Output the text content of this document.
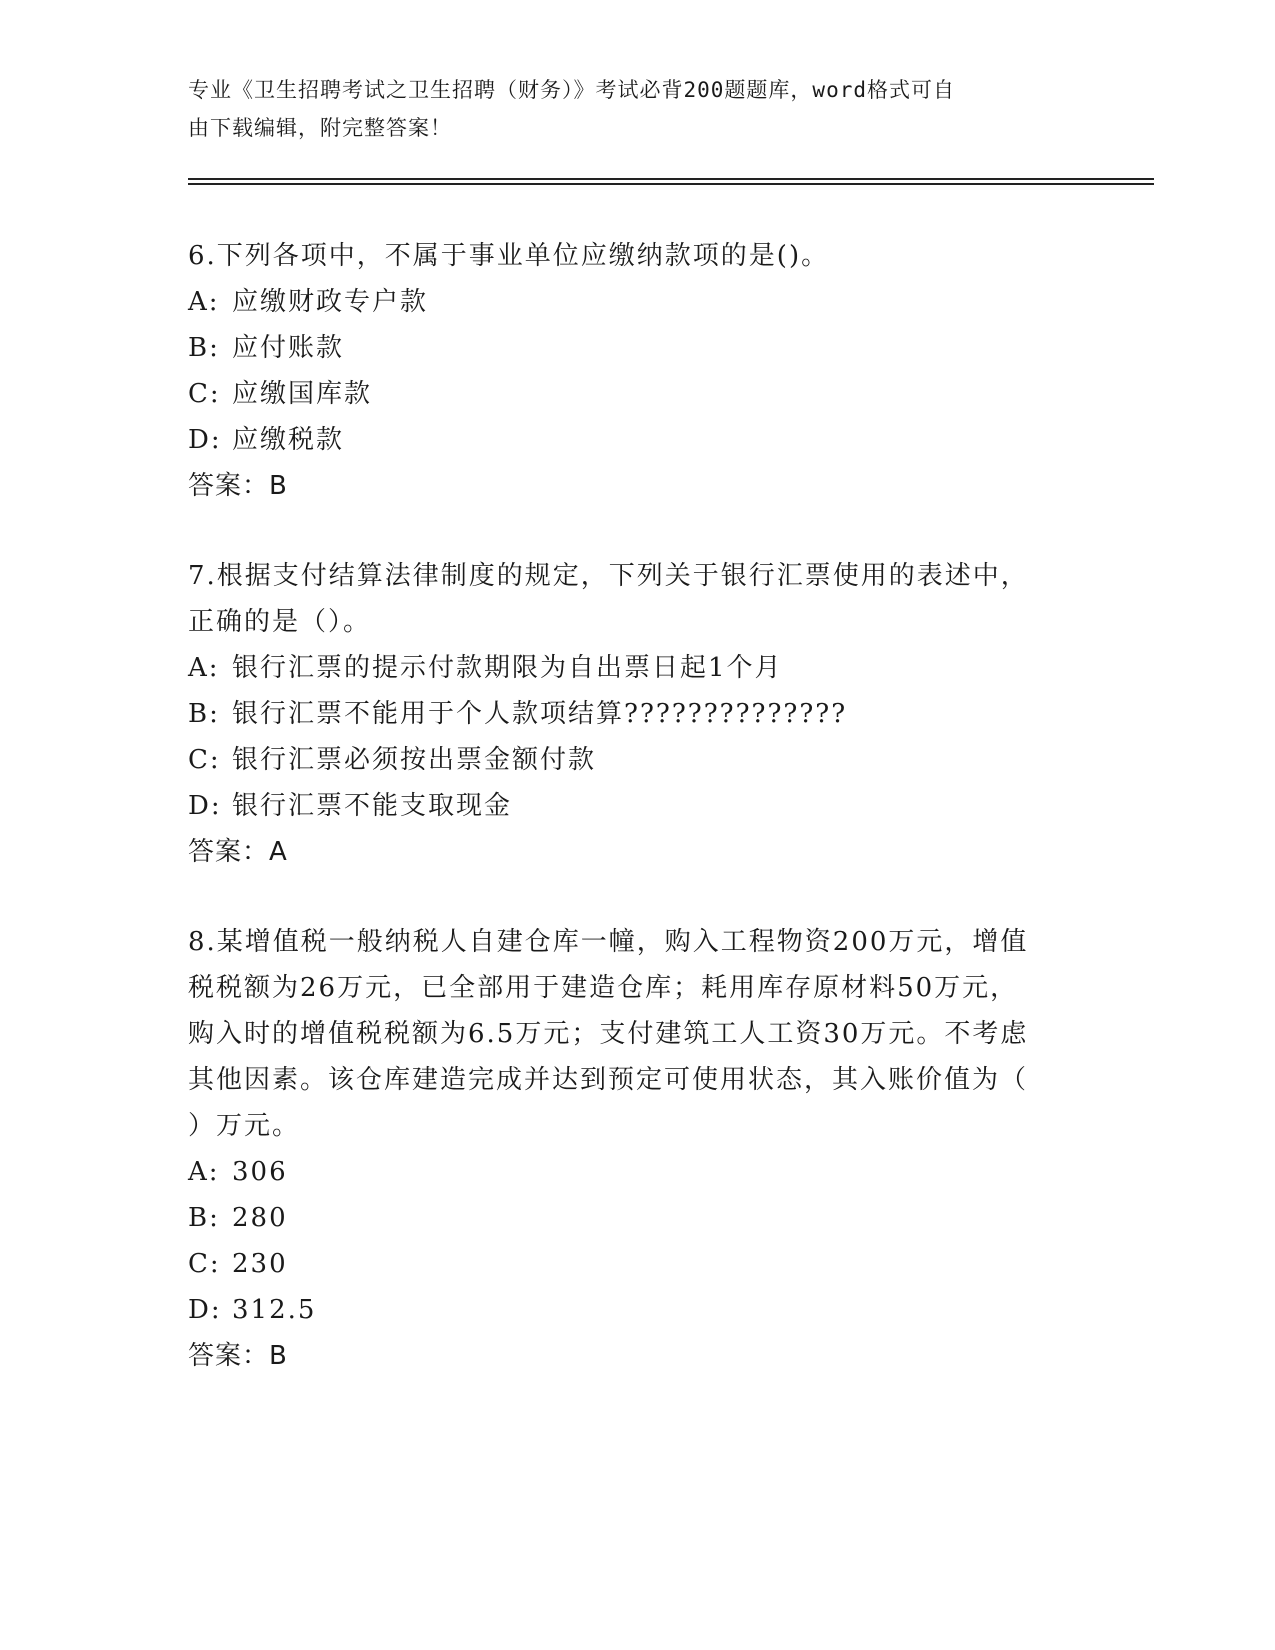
专业《卫生招聘考试之卫生招聘（财务）》考试必背200题题库，word格式可自
由下载编辑，附完整答案！
6.下列各项中，不属于事业单位应缴纳款项的是()。
A: 应缴财政专户款
B: 应付账款
C: 应缴国库款
D: 应缴税款
答案：B
7.根据支付结算法律制度的规定，下列关于银行汇票使用的表述中，
正确的是（）。
A: 银行汇票的提示付款期限为自出票日起1个月
B: 银行汇票不能用于个人款项结算??????????????
C: 银行汇票必须按出票金额付款
D: 银行汇票不能支取现金
答案：A
8.某增值税一般纳税人自建仓库一幢，购入工程物资200万元，增值
税税额为26万元，已全部用于建造仓库；耗用库存原材料50万元，
购入时的增值税税额为6.5万元；支付建筑工人工资30万元。不考虑
其他因素。该仓库建造完成并达到预定可使用状态，其入账价值为（
）万元。
A: 306
B: 280
C: 230
D: 312.5
答案：B
